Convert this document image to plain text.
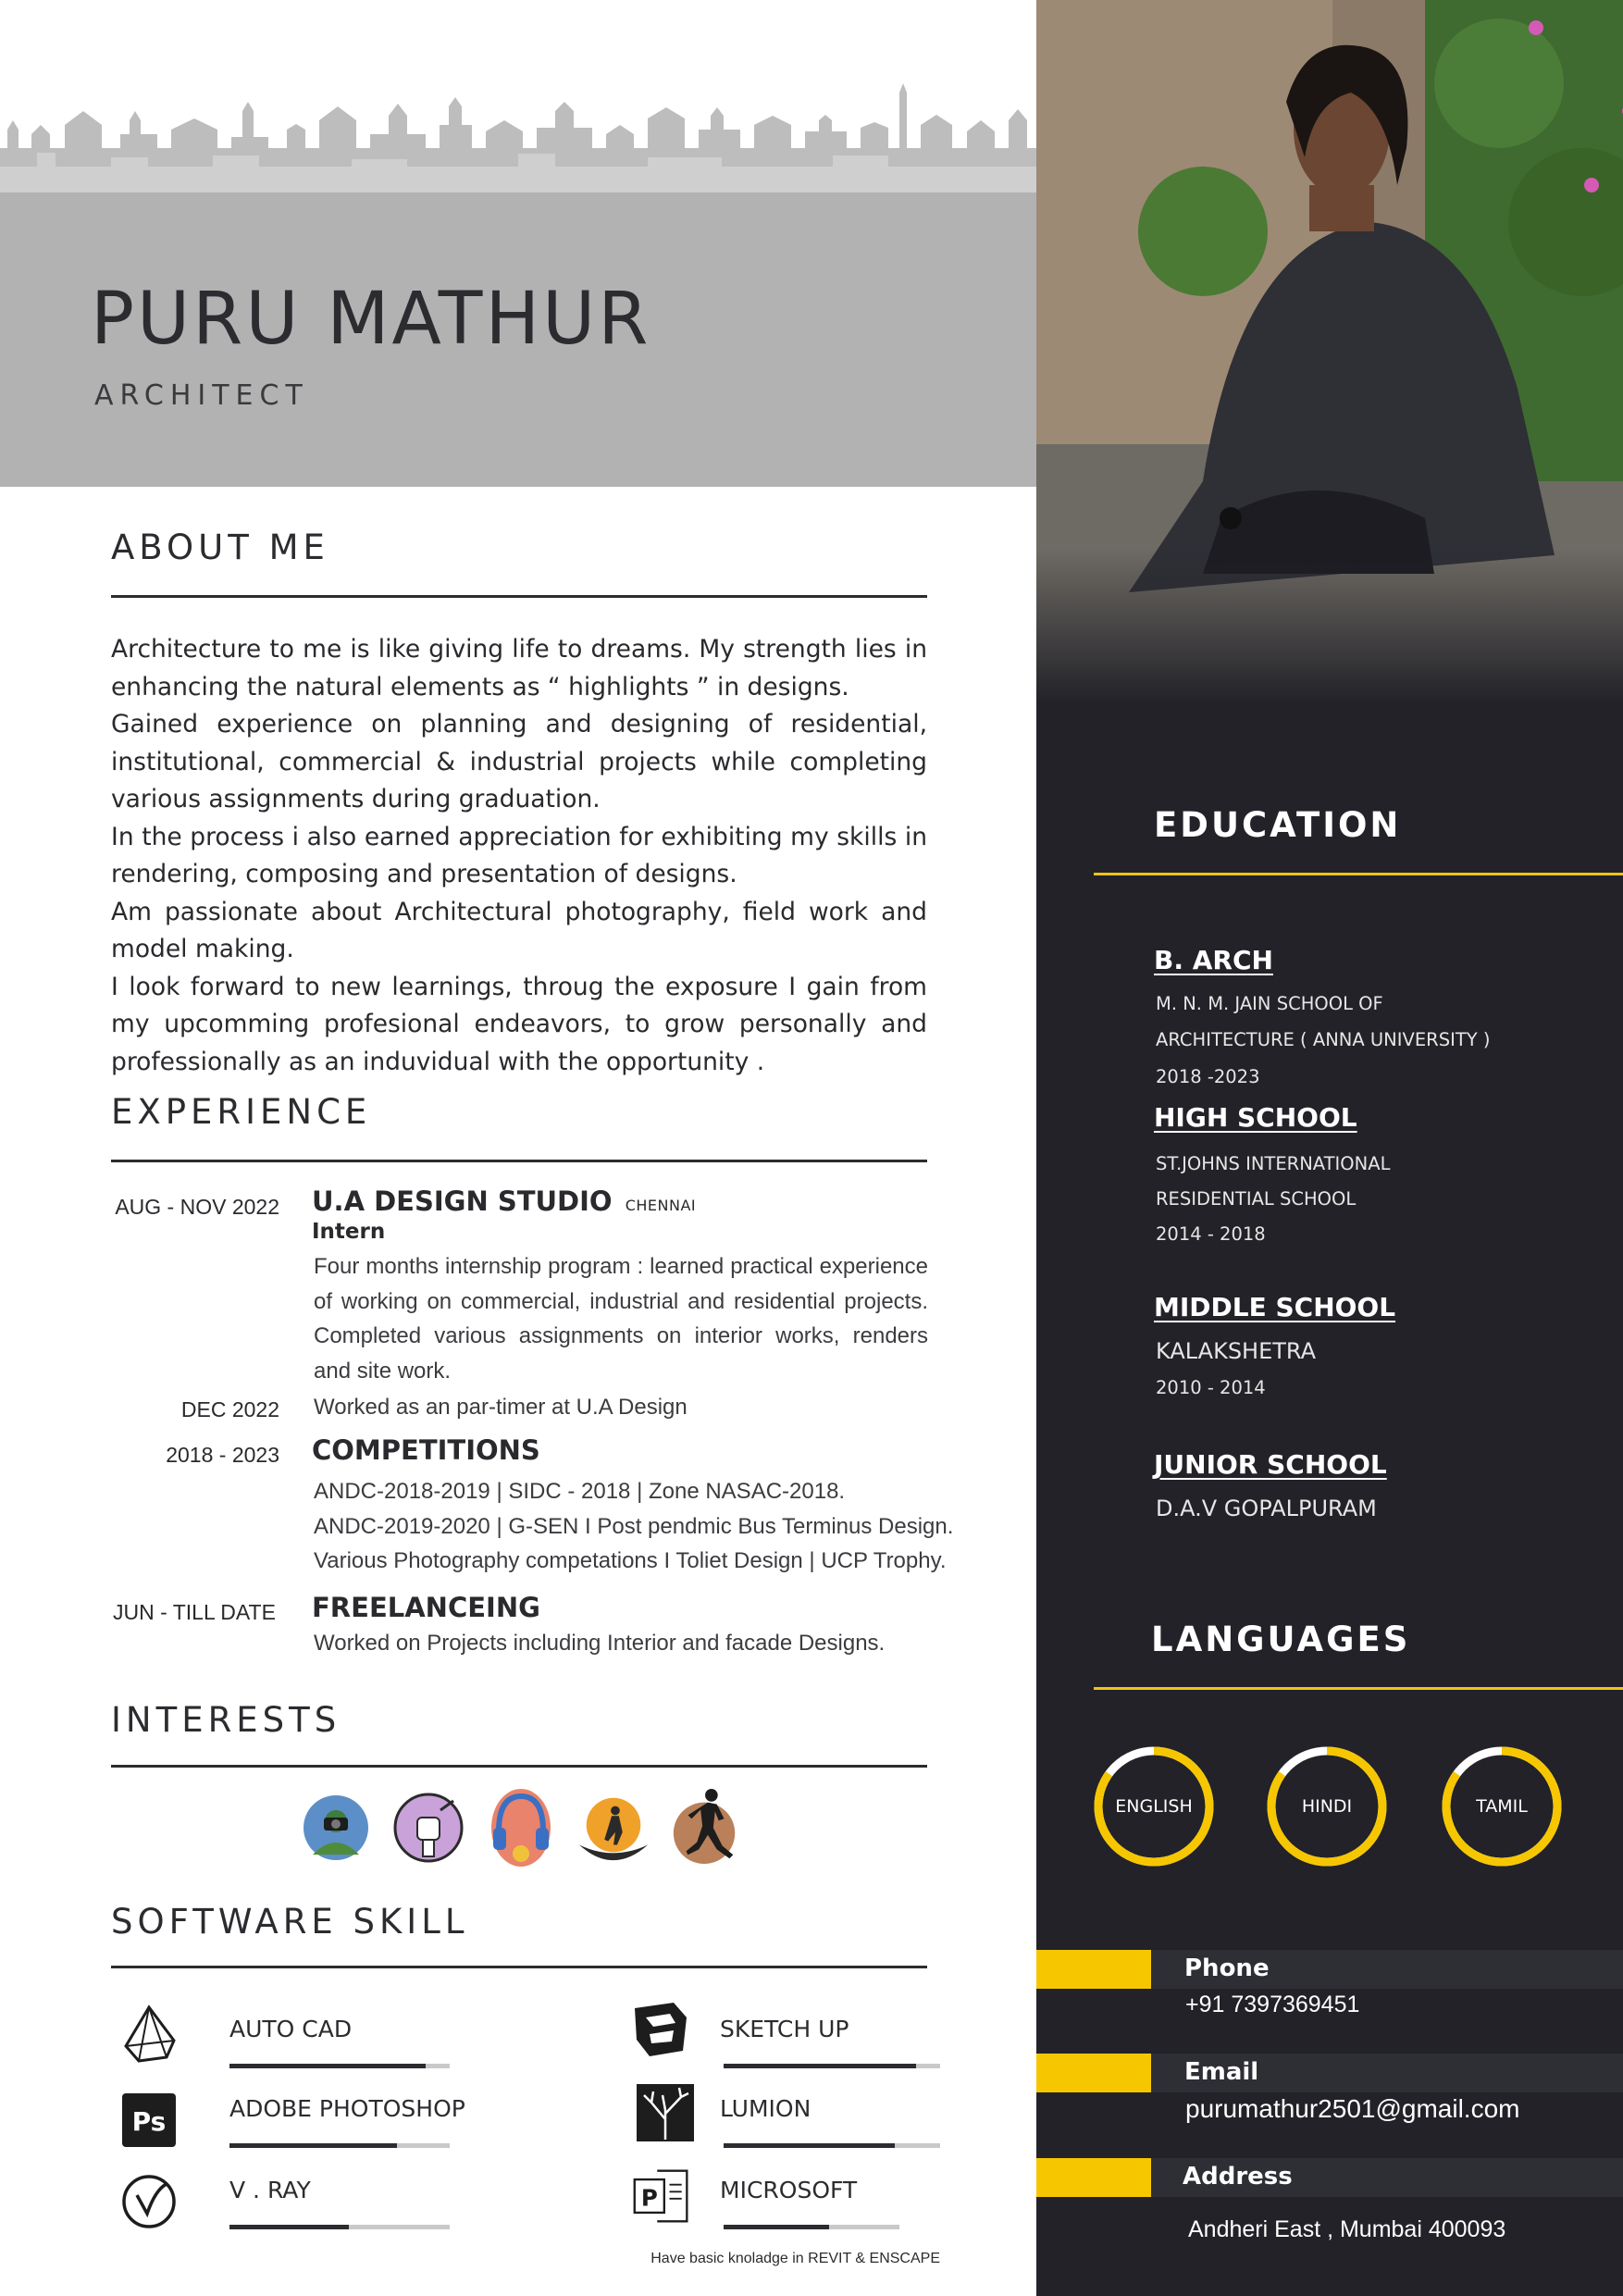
PURU MATHUR
ARCHITECT
ABOUT ME

Architecture to me is like giving life to dreams. My strength lies in enhancing the natural elements as “ highlights ” in designs.

Gained experience on planning and designing of residential, institutional, commercial & industrial projects while completing various assignments during graduation.

In the process i also earned appreciation for exhibiting my skills in rendering, composing and presentation of designs.

Am passionate about Architectural photography, field work and model making.

I look forward to new learnings, throug the exposure I gain from my upcomming profesional endeavors, to grow personally and professionally as an induvidual with the opportunity .

EXPERIENCE
AUG - NOV 2022 U.A DESIGN STUDIO CHENNAI
Intern
Four months internship program : learned practical experience of working on commercial, industrial and residential projects. Completed various assignments on interior works, renders and site work.
DEC 2022 Worked as an par-timer at U.A Design
2018 - 2023 COMPETITIONS
ANDC-2018-2019 | SIDC - 2018 | Zone NASAC-2018.
ANDC-2019-2020 | G-SEN I Post pendmic Bus Terminus Design.
Various Photography competations I Toliet Design | UCP Trophy.
JUN - TILL DATE	FREELANCEING
Worked on Projects including Interior and facade Designs.
INTERESTS
SOFTWARE SKILL
AUTO CAD	SKETCH UP
Ps	ADOBE PHOTOSHOP	LUMION
V . RAY	P	MICROSOFT
Have basic knoladge in REVIT & ENSCAPE
EDUCATION
B. ARCH
M. N. M. JAIN SCHOOL OF
ARCHITECTURE ( ANNA UNIVERSITY )
2018 -2023
HIGH SCHOOL
ST.JOHNS INTERNATIONAL
RESIDENTIAL SCHOOL
2014 - 2018
MIDDLE SCHOOL
KALAKSHETRA
2010 - 2014
JUNIOR SCHOOL
D.A.V GOPALPURAM
LANGUAGES
ENGLISH	HINDI	TAMIL
Phone
+91 7397369451
Email
purumathur2501@gmail.com
Address
Andheri East , Mumbai 400093
